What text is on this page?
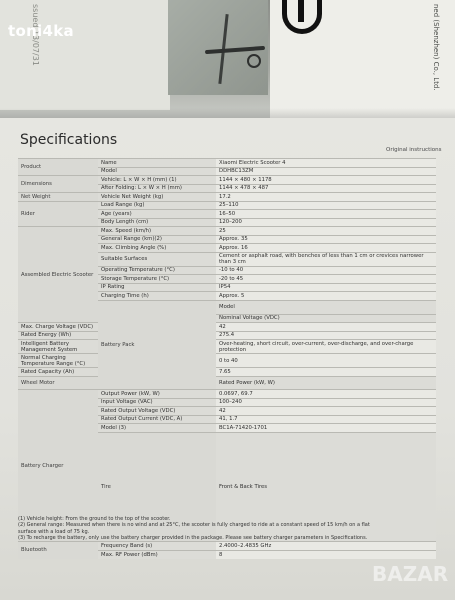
ssued 13/07/31	ned (Shenzhen) Co., Ltd.
toni4ka
Specifications
Original instructions
Product	Name	Xiaomi Electric Scooter 4	
	Model	DDHBC13ZM	
Dimensions	Vehicle: L × W × H (mm) (1)	1144 × 480 × 1178	
	After Folding: L × W × H (mm)	1144 × 478 × 487	
Net Weight	Vehicle Net Weight (kg)	17.2	
Rider	Load Range (kg)	25–110	
	Age (years)	16–50	
	Body Length (cm)	120–200	
Assembled Electric Scooter	Max. Speed (km/h)	25	
	General Range (km)(2)	Approx. 35	
	Max. Climbing Angle (%)	Approx. 16	
	Suitable Surfaces	Cement or asphalt road, with benches of less than 1 cm or crevices narrower than 3 cm	
	Operating Temperature (°C)	-10 to 40	
	Storage Temperature (°C)	-20 to 45	
	IP Rating	IP54	
	Charging Time (h)	Approx. 5	
	Battery Pack	Model	
		Nominal Voltage (VDC)	
Max. Charge Voltage (VDC)		42	
Rated Energy (Wh)		275.4	
Intelligent Battery Management System		Over-heating, short circuit, over-current, over-discharge, and over-charge protection	
Normal Charging Temperature Range (°C)		0 to 40	
Rated Capacity (Ah)		7.65	
Wheel Motor		Rated Power (kW, W)	
Battery Charger	Output Power (kW, W)	0.0697, 69.7	
	Input Voltage (VAC)	100–240	
	Rated Output Voltage (VDC)	42	
	Rated Output Current (VDC, A)	41, 1.7	
	Model (3)	BC1A-71420-1701	
	Tire	Front & Back Tires	
Bluetooth	Frequency Band (s)	2.4000–2.4835 GHz	
	Max. RF Power (dBm)	8	
(1) Vehicle height: From the ground to the top of the scooter.
(2) General range: Measured when there is no wind and at 25°C, the scooter is fully charged to ride at a constant speed of 15 km/h on a flat
surface with a load of 75 kg.
(3) To recharge the battery, only use the battery charger provided in the package. Please see battery charger parameters in Specifications.
BAZAR
